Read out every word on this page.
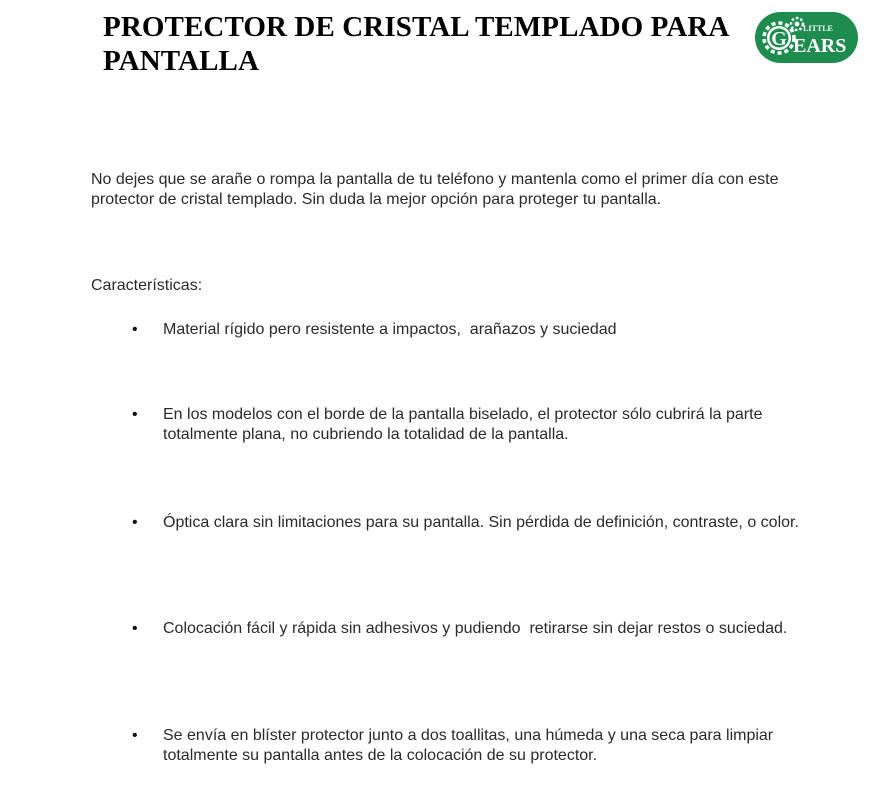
PROTECTOR DE CRISTAL TEMPLADO PARA PANTALLA
G LITTLE
EARS

No dejes que se arañe o rompa la pantalla de tu teléfono y mantenla como el primer día con este protector de cristal templado. Sin duda la mejor opción para proteger tu pantalla.

Características:

•	Material rígido pero resistente a impactos,  arañazos y suciedad
•	En los modelos con el borde de la pantalla biselado, el protector sólo cubrirá la parte totalmente plana, no cubriendo la totalidad de la pantalla.
•	Óptica clara sin limitaciones para su pantalla. Sin pérdida de definición, contraste, o color.
•	Colocación fácil y rápida sin adhesivos y pudiendo  retirarse sin dejar restos o suciedad.
•	Se envía en blíster protector junto a dos toallitas, una húmeda y una seca para limpiar totalmente su pantalla antes de la colocación de su protector.
